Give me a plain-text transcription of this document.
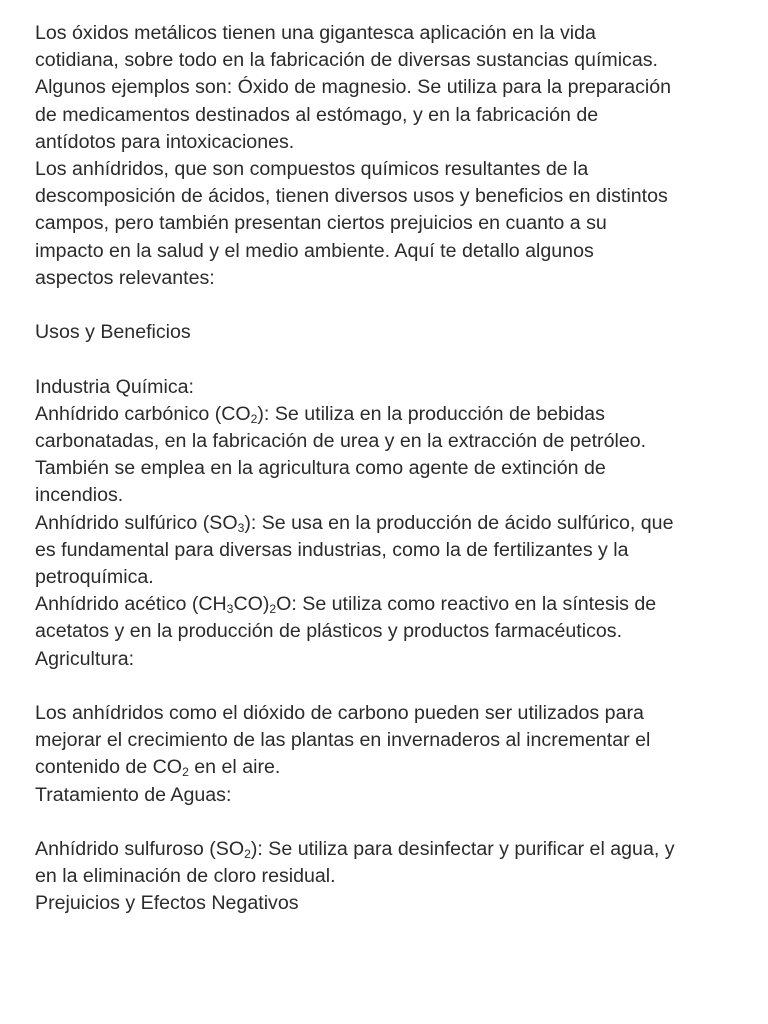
Los óxidos metálicos tienen una gigantesca aplicación en la vida
cotidiana, sobre todo en la fabricación de diversas sustancias químicas.
Algunos ejemplos son: Óxido de magnesio. Se utiliza para la preparación
de medicamentos destinados al estómago, y en la fabricación de
antídotos para intoxicaciones.
Los anhídridos, que son compuestos químicos resultantes de la
descomposición de ácidos, tienen diversos usos y beneficios en distintos
campos, pero también presentan ciertos prejuicios en cuanto a su
impacto en la salud y el medio ambiente. Aquí te detallo algunos
aspectos relevantes:
Usos y Beneficios
Industria Química:
Anhídrido carbónico $(CO_2)$: Se utiliza en la producción de bebidas
carbonatadas, en la fabricación de urea y en la extracción de petróleo.
También se emplea en la agricultura como agente de extinción de
incendios.
Anhídrido sulfúrico $(SO_3)$: Se usa en la producción de ácido sulfúrico, que
es fundamental para diversas industrias, como la de fertilizantes y la
petroquímica.
Anhídrido acético $(CH_3CO)_2O$: Se utiliza como reactivo en la síntesis de
acetatos y en la producción de plásticos y productos farmacéuticos.
Agricultura:
Los anhídridos como el dióxido de carbono pueden ser utilizados para
mejorar el crecimiento de las plantas en invernaderos al incrementar el
contenido de $CO_2$ en el aire.
Tratamiento de Aguas:
Anhídrido sulfuroso $(SO_2)$: Se utiliza para desinfectar y purificar el agua, y
en la eliminación de cloro residual.
Prejuicios y Efectos Negativos
